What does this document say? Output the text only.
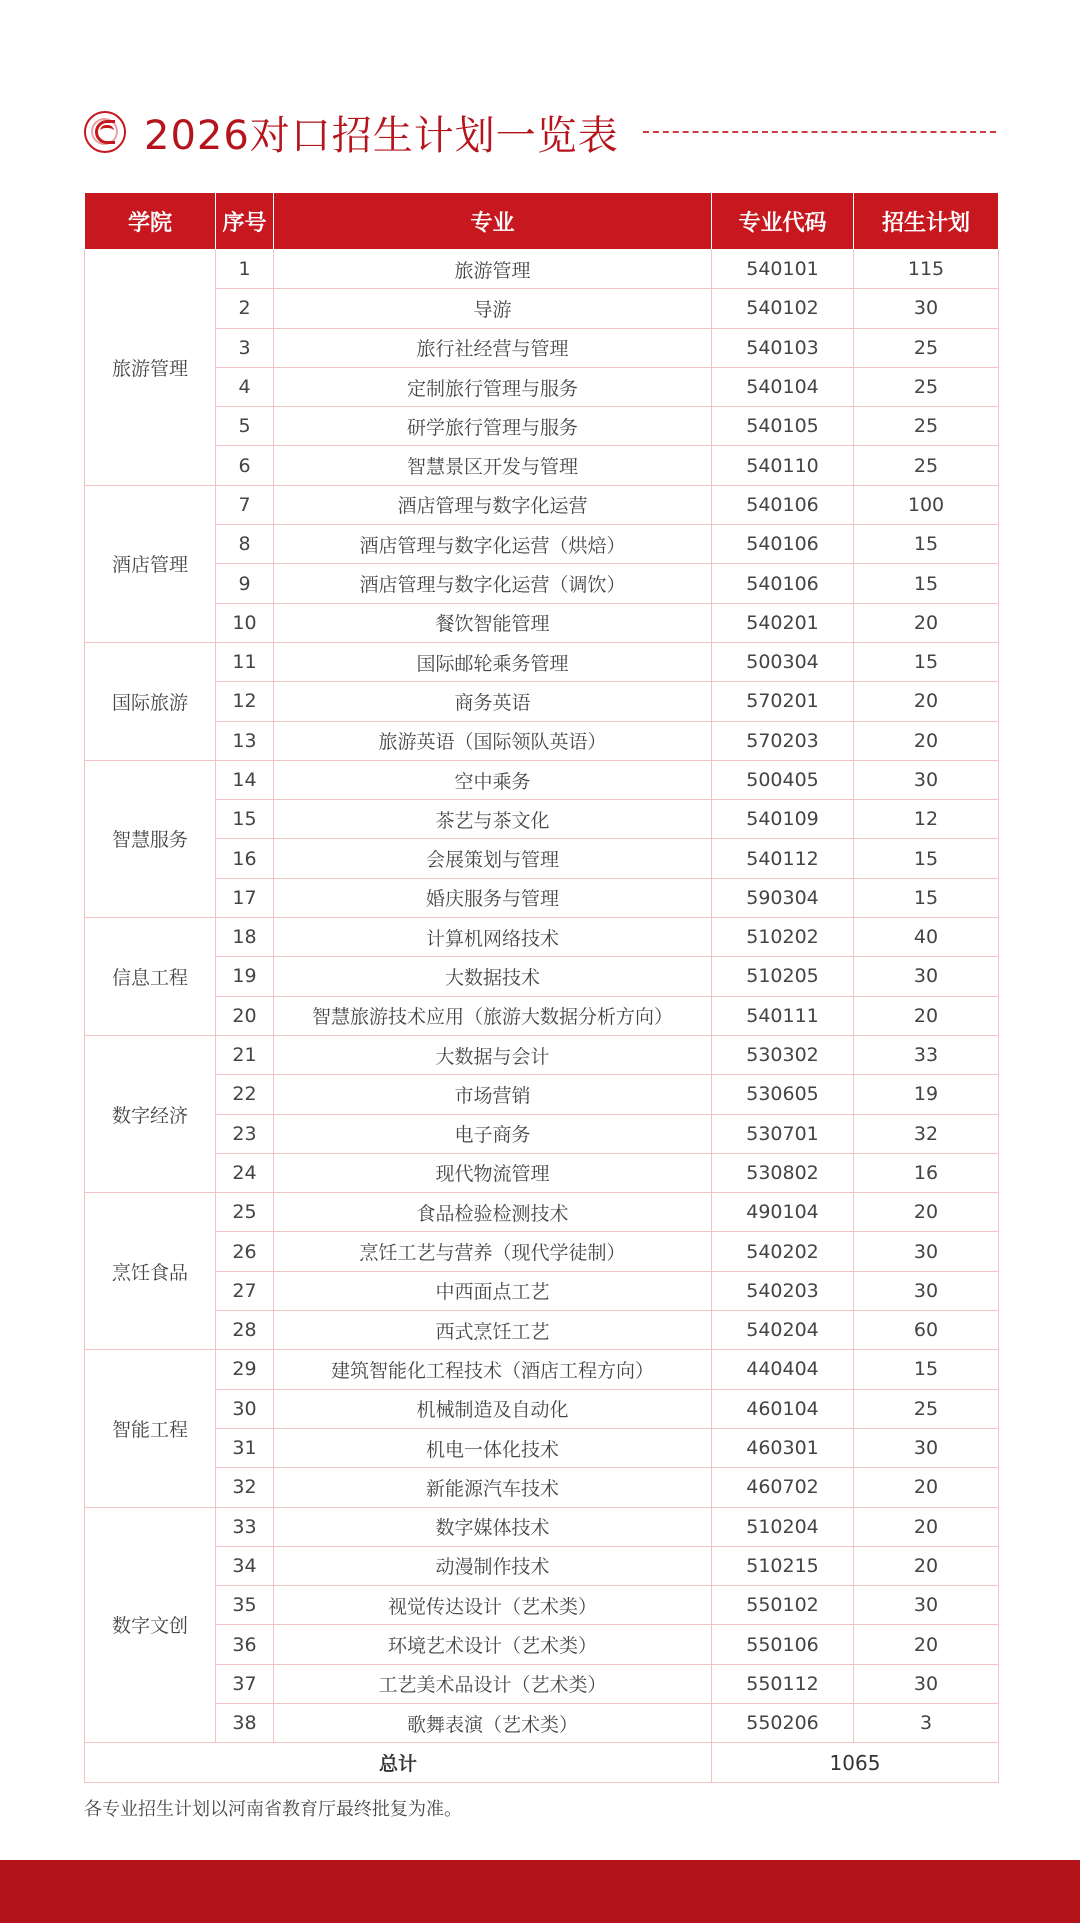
2026对口招生计划一览表
学院	序号	专业	专业代码	招生计划
旅游管理	1	旅游管理	540101	115
	2	导游	540102	30
	3	旅行社经营与管理	540103	25
	4	定制旅行管理与服务	540104	25
	5	研学旅行管理与服务	540105	25
	6	智慧景区开发与管理	540110	25
酒店管理	7	酒店管理与数字化运营	540106	100
	8	酒店管理与数字化运营（烘焙）	540106	15
	9	酒店管理与数字化运营（调饮）	540106	15
	10	餐饮智能管理	540201	20
国际旅游	11	国际邮轮乘务管理	500304	15
	12	商务英语	570201	20
	13	旅游英语（国际领队英语）	570203	20
智慧服务	14	空中乘务	500405	30
	15	茶艺与茶文化	540109	12
	16	会展策划与管理	540112	15
	17	婚庆服务与管理	590304	15
信息工程	18	计算机网络技术	510202	40
	19	大数据技术	510205	30
	20	智慧旅游技术应用（旅游大数据分析方向）	540111	20
数字经济	21	大数据与会计	530302	33
	22	市场营销	530605	19
	23	电子商务	530701	32
	24	现代物流管理	530802	16
烹饪食品	25	食品检验检测技术	490104	20
	26	烹饪工艺与营养（现代学徒制）	540202	30
	27	中西面点工艺	540203	30
	28	西式烹饪工艺	540204	60
智能工程	29	建筑智能化工程技术（酒店工程方向）	440404	15
	30	机械制造及自动化	460104	25
	31	机电一体化技术	460301	30
	32	新能源汽车技术	460702	20
数字文创	33	数字媒体技术	510204	20
	34	动漫制作技术	510215	20
	35	视觉传达设计（艺术类）	550102	30
	36	环境艺术设计（艺术类）	550106	20
	37	工艺美术品设计（艺术类）	550112	30
	38	歌舞表演（艺术类）	550206	3
总计			1065	
各专业招生计划以河南省教育厅最终批复为准。
